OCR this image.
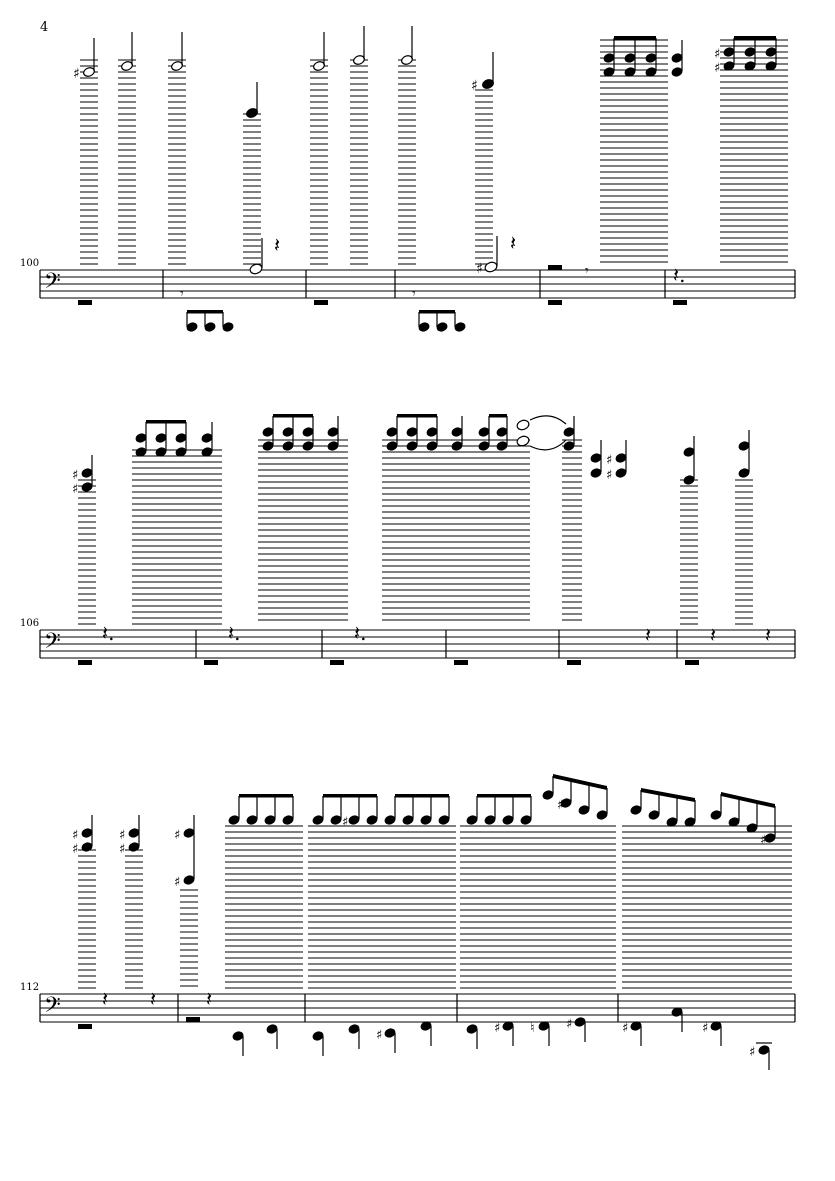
4
100
𝄢
♯
♯
♯
♯
𝄾
𝄽
𝄾
♯
𝄽
𝄾	𝄽.
106
𝄢
♯
♯
♯
♯
𝄽.	𝄽.	𝄽.	𝄽	𝄽 𝄽
112
𝄢
♯
♯
♯
♯
♯
♯
♯
♯
♯
𝄽 𝄽 𝄽
♯	♯ ♮ ♯	♯	♯
♯
